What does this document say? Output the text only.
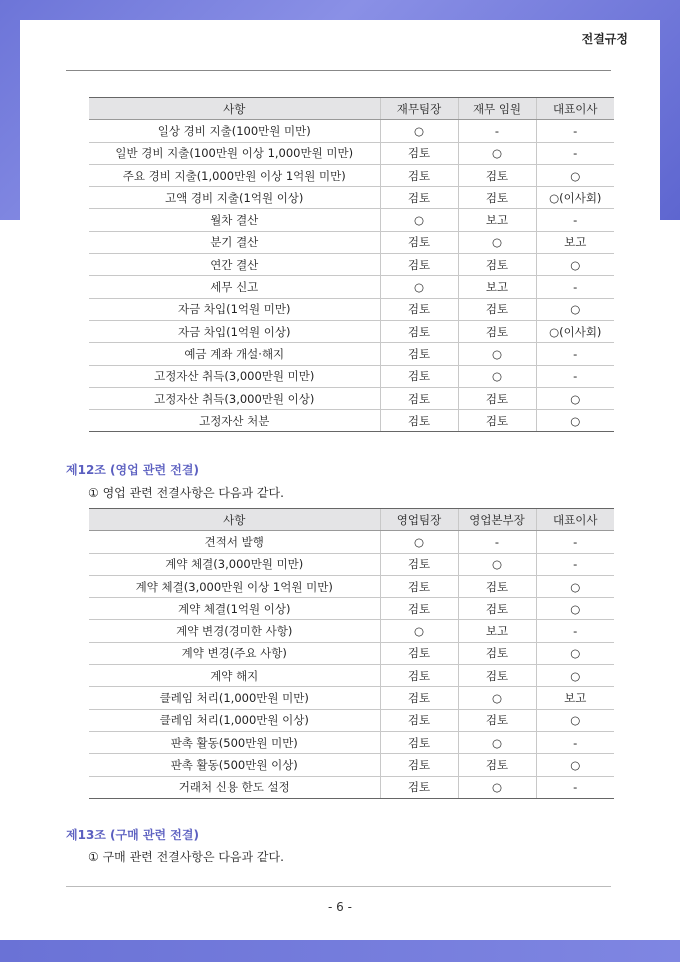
전결규정
사항	재무팀장	재무 임원	대표이사
일상 경비 지출(100만원 미만)	○	-	-
일반 경비 지출(100만원 이상 1,000만원 미만)	검토	○	-
주요 경비 지출(1,000만원 이상 1억원 미만)	검토	검토	○
고액 경비 지출(1억원 이상)	검토	검토	○(이사회)
월차 결산	○	보고	-
분기 결산	검토	○	보고
연간 결산	검토	검토	○
세무 신고	○	보고	-
자금 차입(1억원 미만)	검토	검토	○
자금 차입(1억원 이상)	검토	검토	○(이사회)
예금 계좌 개설·해지	검토	○	-
고정자산 취득(3,000만원 미만)	검토	○	-
고정자산 취득(3,000만원 이상)	검토	검토	○
고정자산 처분	검토	검토	○
제12조 (영업 관련 전결)
① 영업 관련 전결사항은 다음과 같다.
사항	영업팀장	영업본부장	대표이사
견적서 발행	○	-	-
계약 체결(3,000만원 미만)	검토	○	-
계약 체결(3,000만원 이상 1억원 미만)	검토	검토	○
계약 체결(1억원 이상)	검토	검토	○
계약 변경(경미한 사항)	○	보고	-
계약 변경(주요 사항)	검토	검토	○
계약 해지	검토	검토	○
클레임 처리(1,000만원 미만)	검토	○	보고
클레임 처리(1,000만원 이상)	검토	검토	○
판촉 활동(500만원 미만)	검토	○	-
판촉 활동(500만원 이상)	검토	검토	○
거래처 신용 한도 설정	검토	○	-
제13조 (구매 관련 전결)
① 구매 관련 전결사항은 다음과 같다.
- 6 -
